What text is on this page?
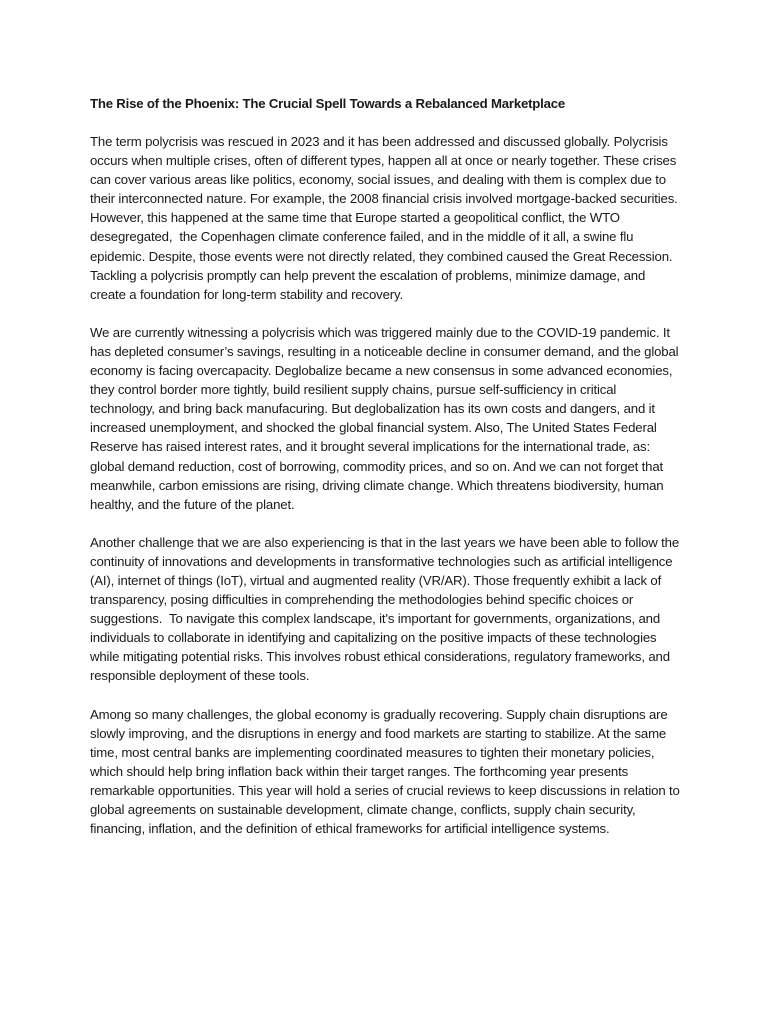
The Rise of the Phoenix: The Crucial Spell Towards a Rebalanced Marketplace

The term polycrisis was rescued in 2023 and it has been addressed and discussed globally. Polycrisis occurs when multiple crises, often of different types, happen all at once or nearly together. These crises can cover various areas like politics, economy, social issues, and dealing with them is complex due to their interconnected nature. For example, the 2008 financial crisis involved mortgage-backed securities. However, this happened at the same time that Europe started a geopolitical conflict, the WTO desegregated,  the Copenhagen climate conference failed, and in the middle of it all, a swine flu epidemic. Despite, those events were not directly related, they combined caused the Great Recession. Tackling a polycrisis promptly can help prevent the escalation of problems, minimize damage, and create a foundation for long-term stability and recovery.

We are currently witnessing a polycrisis which was triggered mainly due to the COVID-19 pandemic. It has depleted consumer’s savings, resulting in a noticeable decline in consumer demand, and the global economy is facing overcapacity. Deglobalize became a new consensus in some advanced economies, they control border more tightly, build resilient supply chains, pursue self-sufficiency in critical technology, and bring back manufacuring. But deglobalization has its own costs and dangers, and it increased unemployment, and shocked the global financial system. Also, The United States Federal Reserve has raised interest rates, and it brought several implications for the international trade, as: global demand reduction, cost of borrowing, commodity prices, and so on. And we can not forget that meanwhile, carbon emissions are rising, driving climate change. Which threatens biodiversity, human healthy, and the future of the planet.

Another challenge that we are also experiencing is that in the last years we have been able to follow the continuity of innovations and developments in transformative technologies such as artificial intelligence (AI), internet of things (IoT), virtual and augmented reality (VR/AR). Those frequently exhibit a lack of transparency, posing difficulties in comprehending the methodologies behind specific choices or suggestions.  To navigate this complex landscape, it's important for governments, organizations, and individuals to collaborate in identifying and capitalizing on the positive impacts of these technologies while mitigating potential risks. This involves robust ethical considerations, regulatory frameworks, and responsible deployment of these tools.

Among so many challenges, the global economy is gradually recovering. Supply chain disruptions are slowly improving, and the disruptions in energy and food markets are starting to stabilize. At the same time, most central banks are implementing coordinated measures to tighten their monetary policies, which should help bring inflation back within their target ranges. The forthcoming year presents remarkable opportunities. This year will hold a series of crucial reviews to keep discussions in relation to global agreements on sustainable development, climate change, conflicts, supply chain security, financing, inflation, and the definition of ethical frameworks for artificial intelligence systems.
